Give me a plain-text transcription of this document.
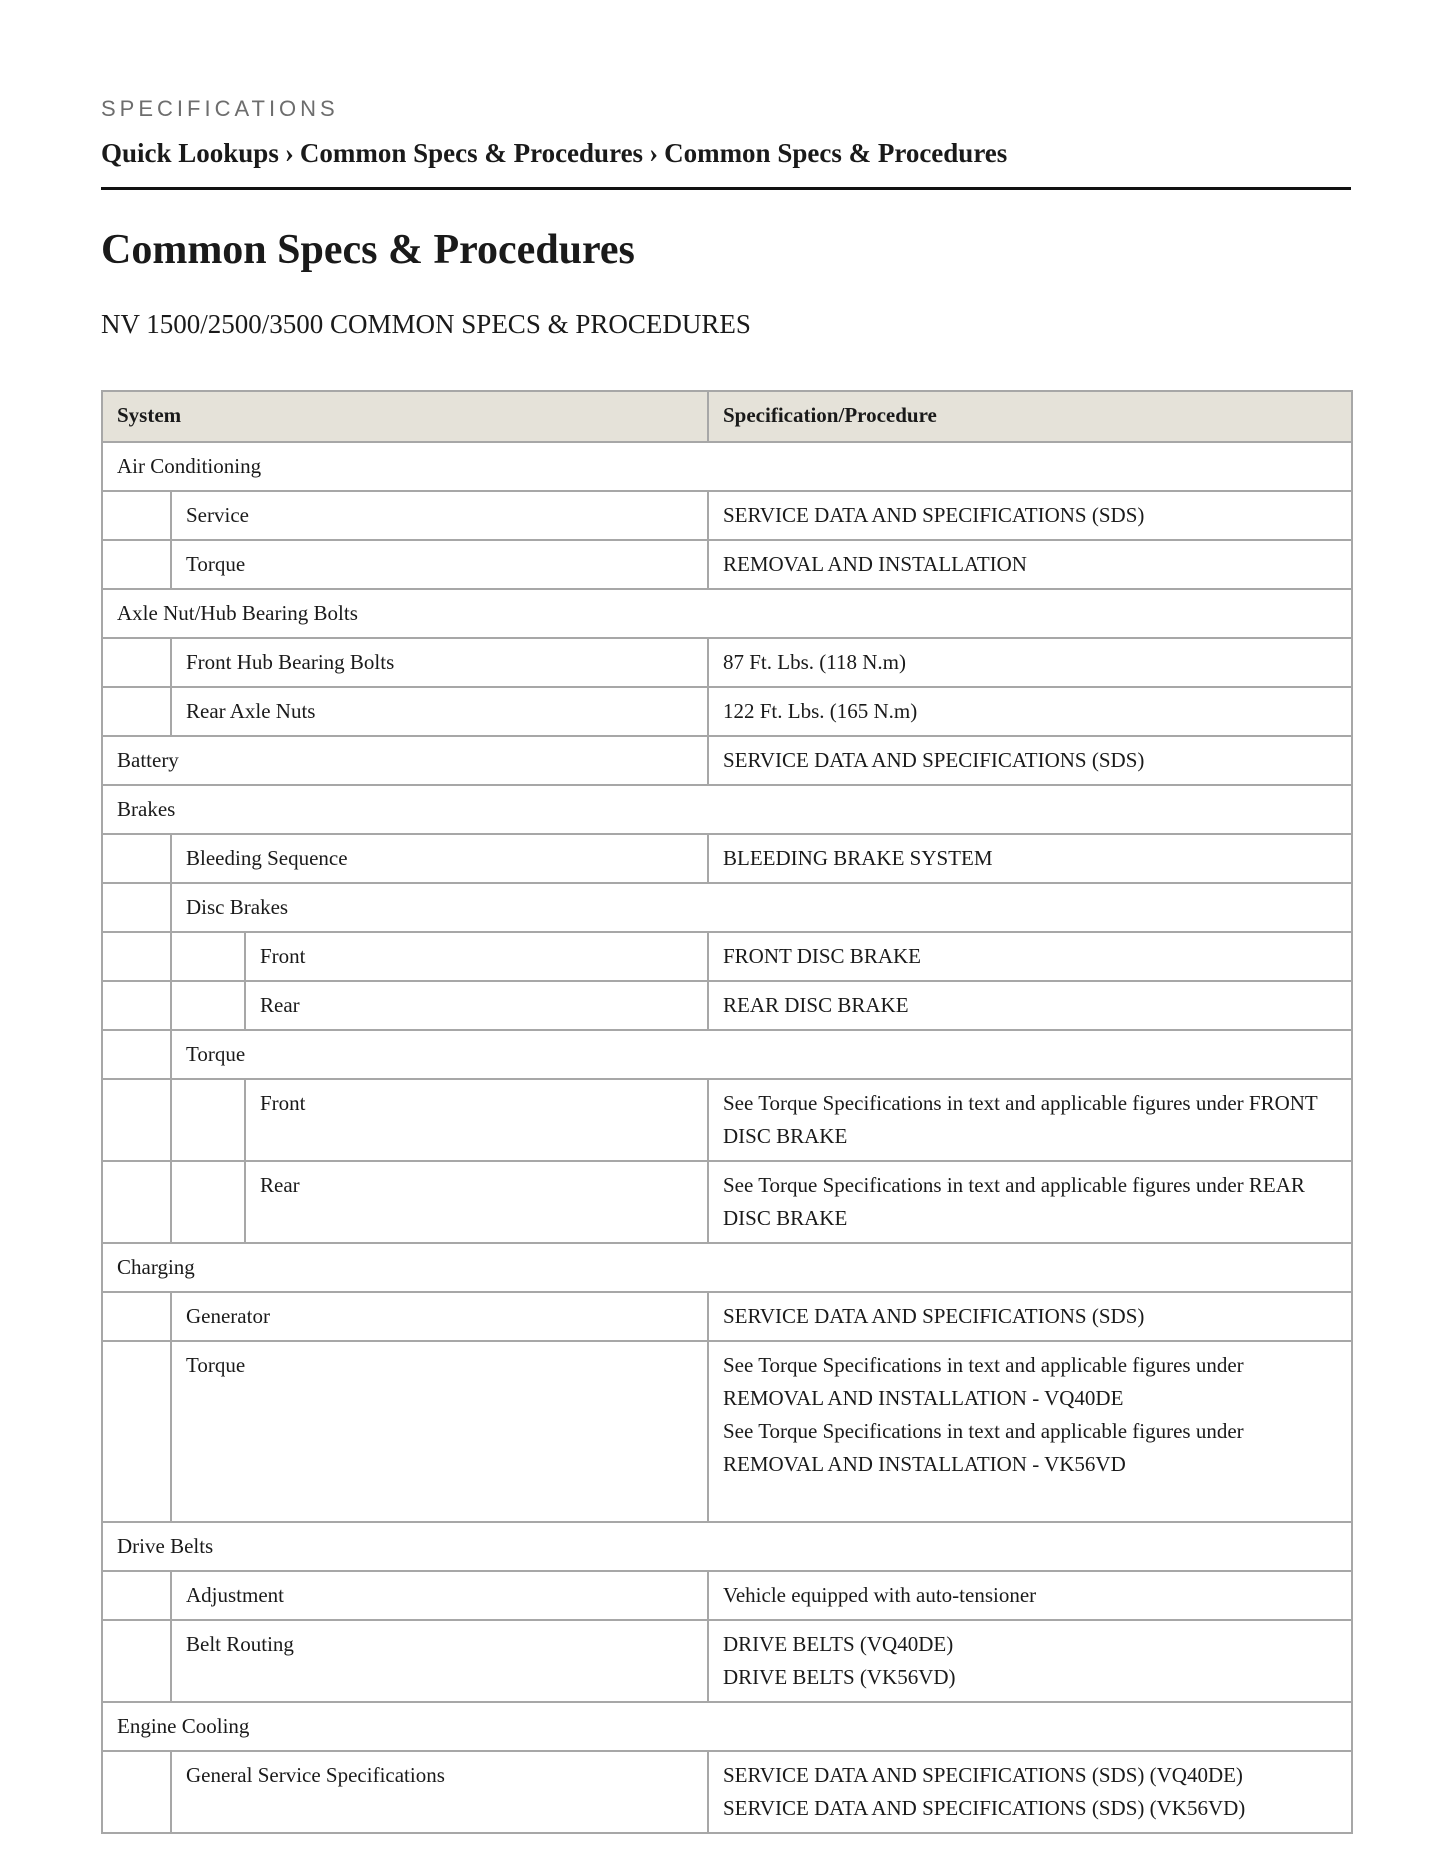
SPECIFICATIONS
Quick Lookups › Common Specs & Procedures › Common Specs & Procedures
Common Specs & Procedures
NV 1500/2500/3500 COMMON SPECS & PROCEDURES
System			Specification/Procedure
Air Conditioning			
	Service		SERVICE DATA AND SPECIFICATIONS (SDS)

	Torque		REMOVAL AND INSTALLATION

Axle Nut/Hub Bearing Bolts			
	Front Hub Bearing Bolts		87 Ft. Lbs. (118 N.m)

	Rear Axle Nuts		122 Ft. Lbs. (165 N.m)

Battery			SERVICE DATA AND SPECIFICATIONS (SDS)

Brakes			
	Bleeding Sequence		BLEEDING BRAKE SYSTEM

	Disc Brakes		
		Front	FRONT DISC BRAKE

		Rear	REAR DISC BRAKE

	Torque		
		Front	See Torque Specifications in text and applicable figures under FRONT DISC BRAKE

		Rear	See Torque Specifications in text and applicable figures under REAR DISC BRAKE

Charging			
	Generator		SERVICE DATA AND SPECIFICATIONS (SDS)

	Torque		See Torque Specifications in text and applicable figures under REMOVAL AND INSTALLATION - VQ40DE
See Torque Specifications in text and applicable figures under REMOVAL AND INSTALLATION - VK56VD

Drive Belts			
	Adjustment		Vehicle equipped with auto-tensioner

	Belt Routing		DRIVE BELTS (VQ40DE)
DRIVE BELTS (VK56VD)

Engine Cooling			
	General Service Specifications		SERVICE DATA AND SPECIFICATIONS (SDS) (VQ40DE)
SERVICE DATA AND SPECIFICATIONS (SDS) (VK56VD)
